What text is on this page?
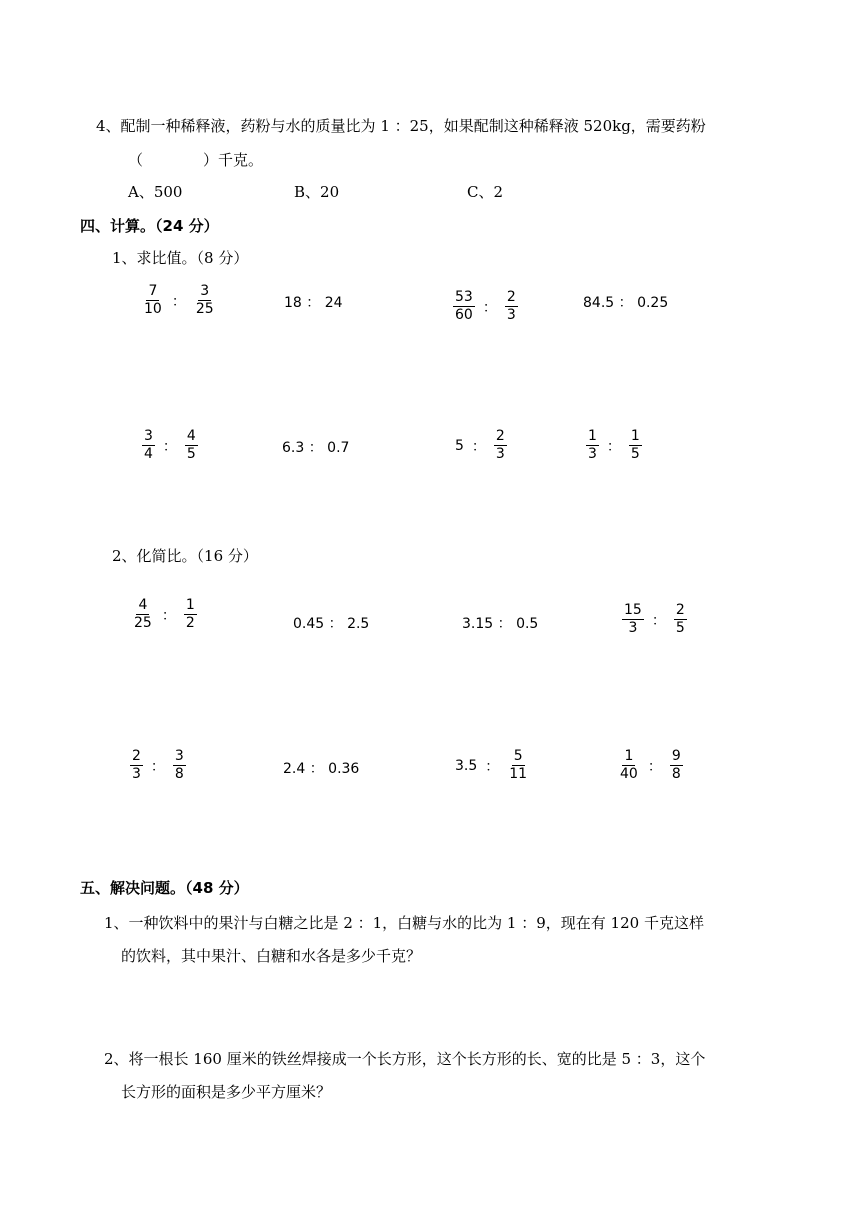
4、配制一种稀释液，药粉与水的质量比为 1 ：25，如果配制这种稀释液 520kg，需要药粉
（　　　　）千克。
A、500	B、20	C、2
四、计算。（24 分）
1、求比值。（8 分）
$\frac{7}{10}$ ： $\frac{3}{25}$	18 ： 24	$\frac{53}{60}$ ： $\frac{2}{3}$	84.5 ： 0.25
$\frac{3}{4}$ ： $\frac{4}{5}$	6.3 ： 0.7	5 ： $\frac{2}{3}$	$\frac{1}{3}$ ： $\frac{1}{5}$
2、化简比。（16 分）
$\frac{4}{25}$ ： $\frac{1}{2}$	0.45 ： 2.5	3.15 ： 0.5	$\frac{15}{3}$ ： $\frac{2}{5}$
$\frac{2}{3}$ ： $\frac{3}{8}$	2.4 ： 0.36	3.5 ： $\frac{5}{11}$	$\frac{1}{40}$ ： $\frac{9}{8}$
五、解决问题。（48 分）
1、一种饮料中的果汁与白糖之比是 2 ：1，白糖与水的比为 1 ：9，现在有 120 千克这样
的饮料，其中果汁、白糖和水各是多少千克？
2、将一根长 160 厘米的铁丝焊接成一个长方形，这个长方形的长、宽的比是 5 ：3，这个
长方形的面积是多少平方厘米？
